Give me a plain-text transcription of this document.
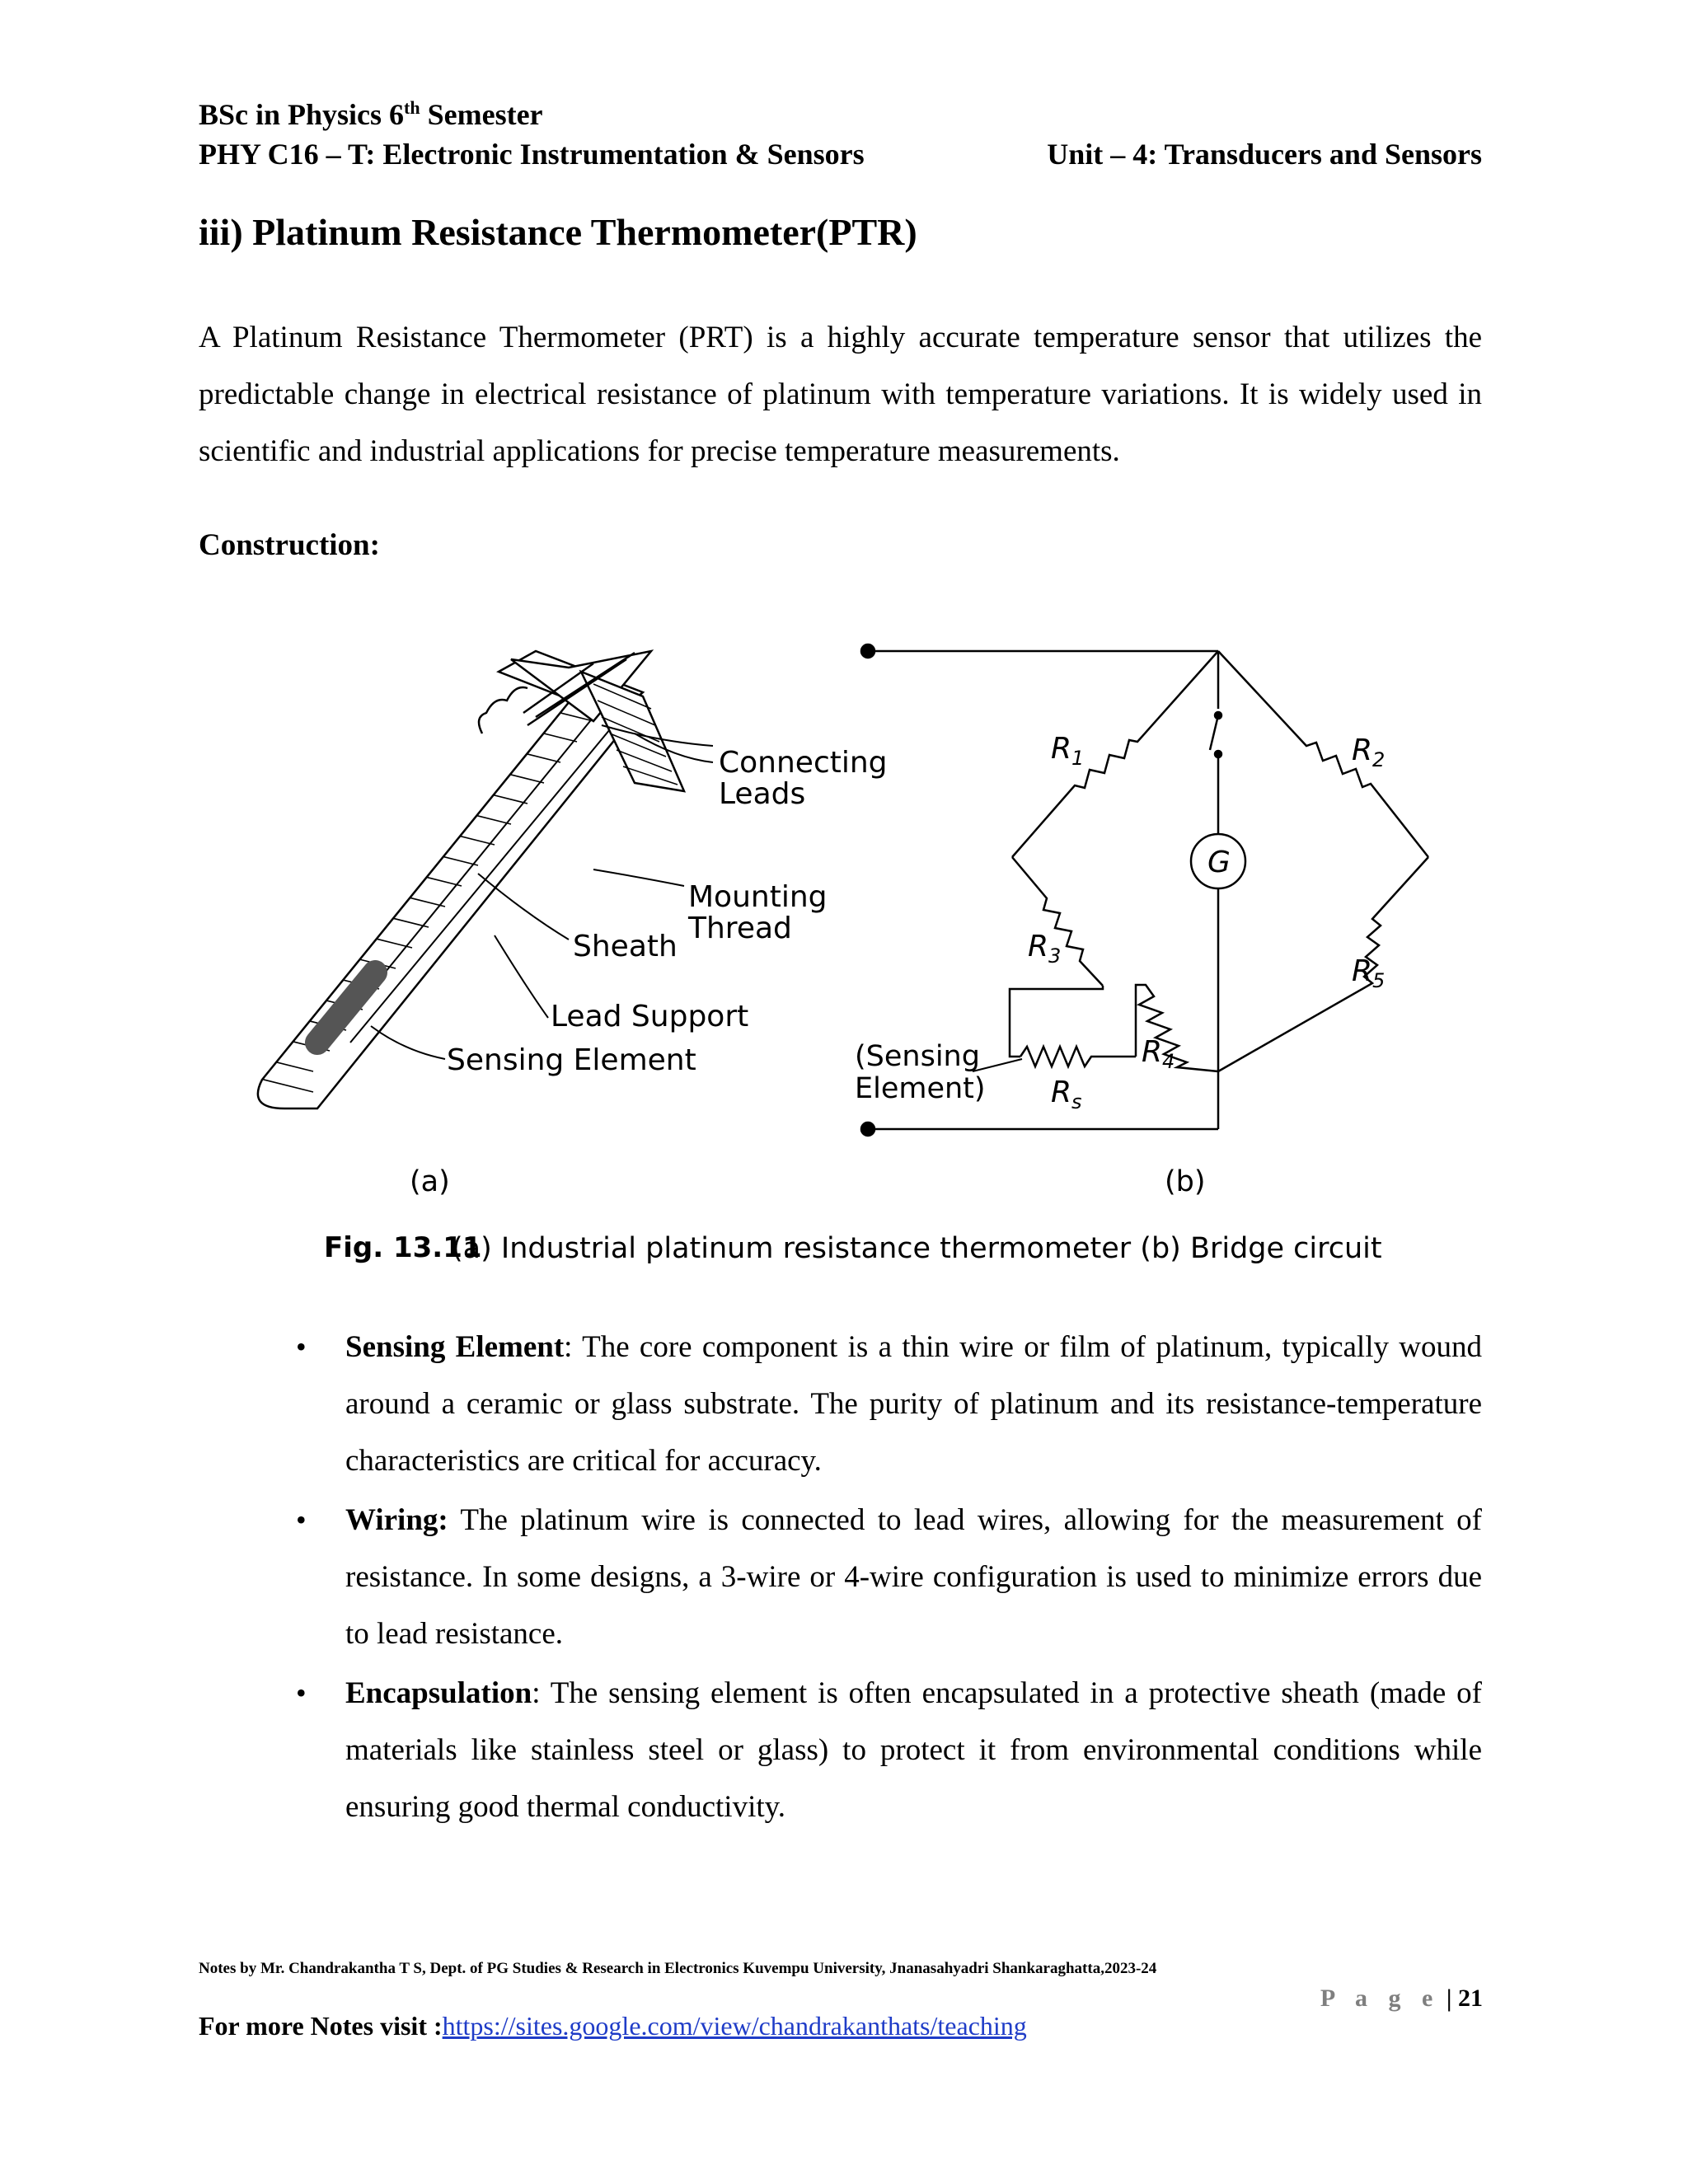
BSc in Physics 6th Semester
PHY C16 – T: Electronic Instrumentation & Sensors	Unit – 4: Transducers and Sensors
iii) Platinum Resistance Thermometer(PTR)
A Platinum Resistance Thermometer (PRT) is a highly accurate temperature sensor that utilizes the predictable change in electrical resistance of platinum with temperature variations. It is widely used in scientific and industrial applications for precise temperature measurements.
Construction:
Connecting
Leads
Mounting
Thread
Sheath
Lead Support
Sensing Element
$R_1$	$R_2$
$R_3$
$R_4$
$R_5$
$R_s$
G
(Sensing
Element)
(a)	(b)
Fig. 13.11
(a) Industrial platinum resistance thermometer (b) Bridge circuit
• Sensing Element: The core component is a thin wire or film of platinum, typically wound around a ceramic or glass substrate. The purity of platinum and its resistance-temperature characteristics are critical for accuracy.
• Wiring: The platinum wire is connected to lead wires, allowing for the measurement of resistance. In some designs, a 3-wire or 4-wire configuration is used to minimize errors due to lead resistance.
• Encapsulation: The sensing element is often encapsulated in a protective sheath (made of materials like stainless steel or glass) to protect it from environmental conditions while ensuring good thermal conductivity.
Notes by Mr. Chandrakantha T S, Dept. of PG Studies & Research in Electronics Kuvempu University, Jnanasahyadri Shankaraghatta,2023-24
P a g e | 21
For more Notes visit :https://sites.google.com/view/chandrakanthats/teaching
